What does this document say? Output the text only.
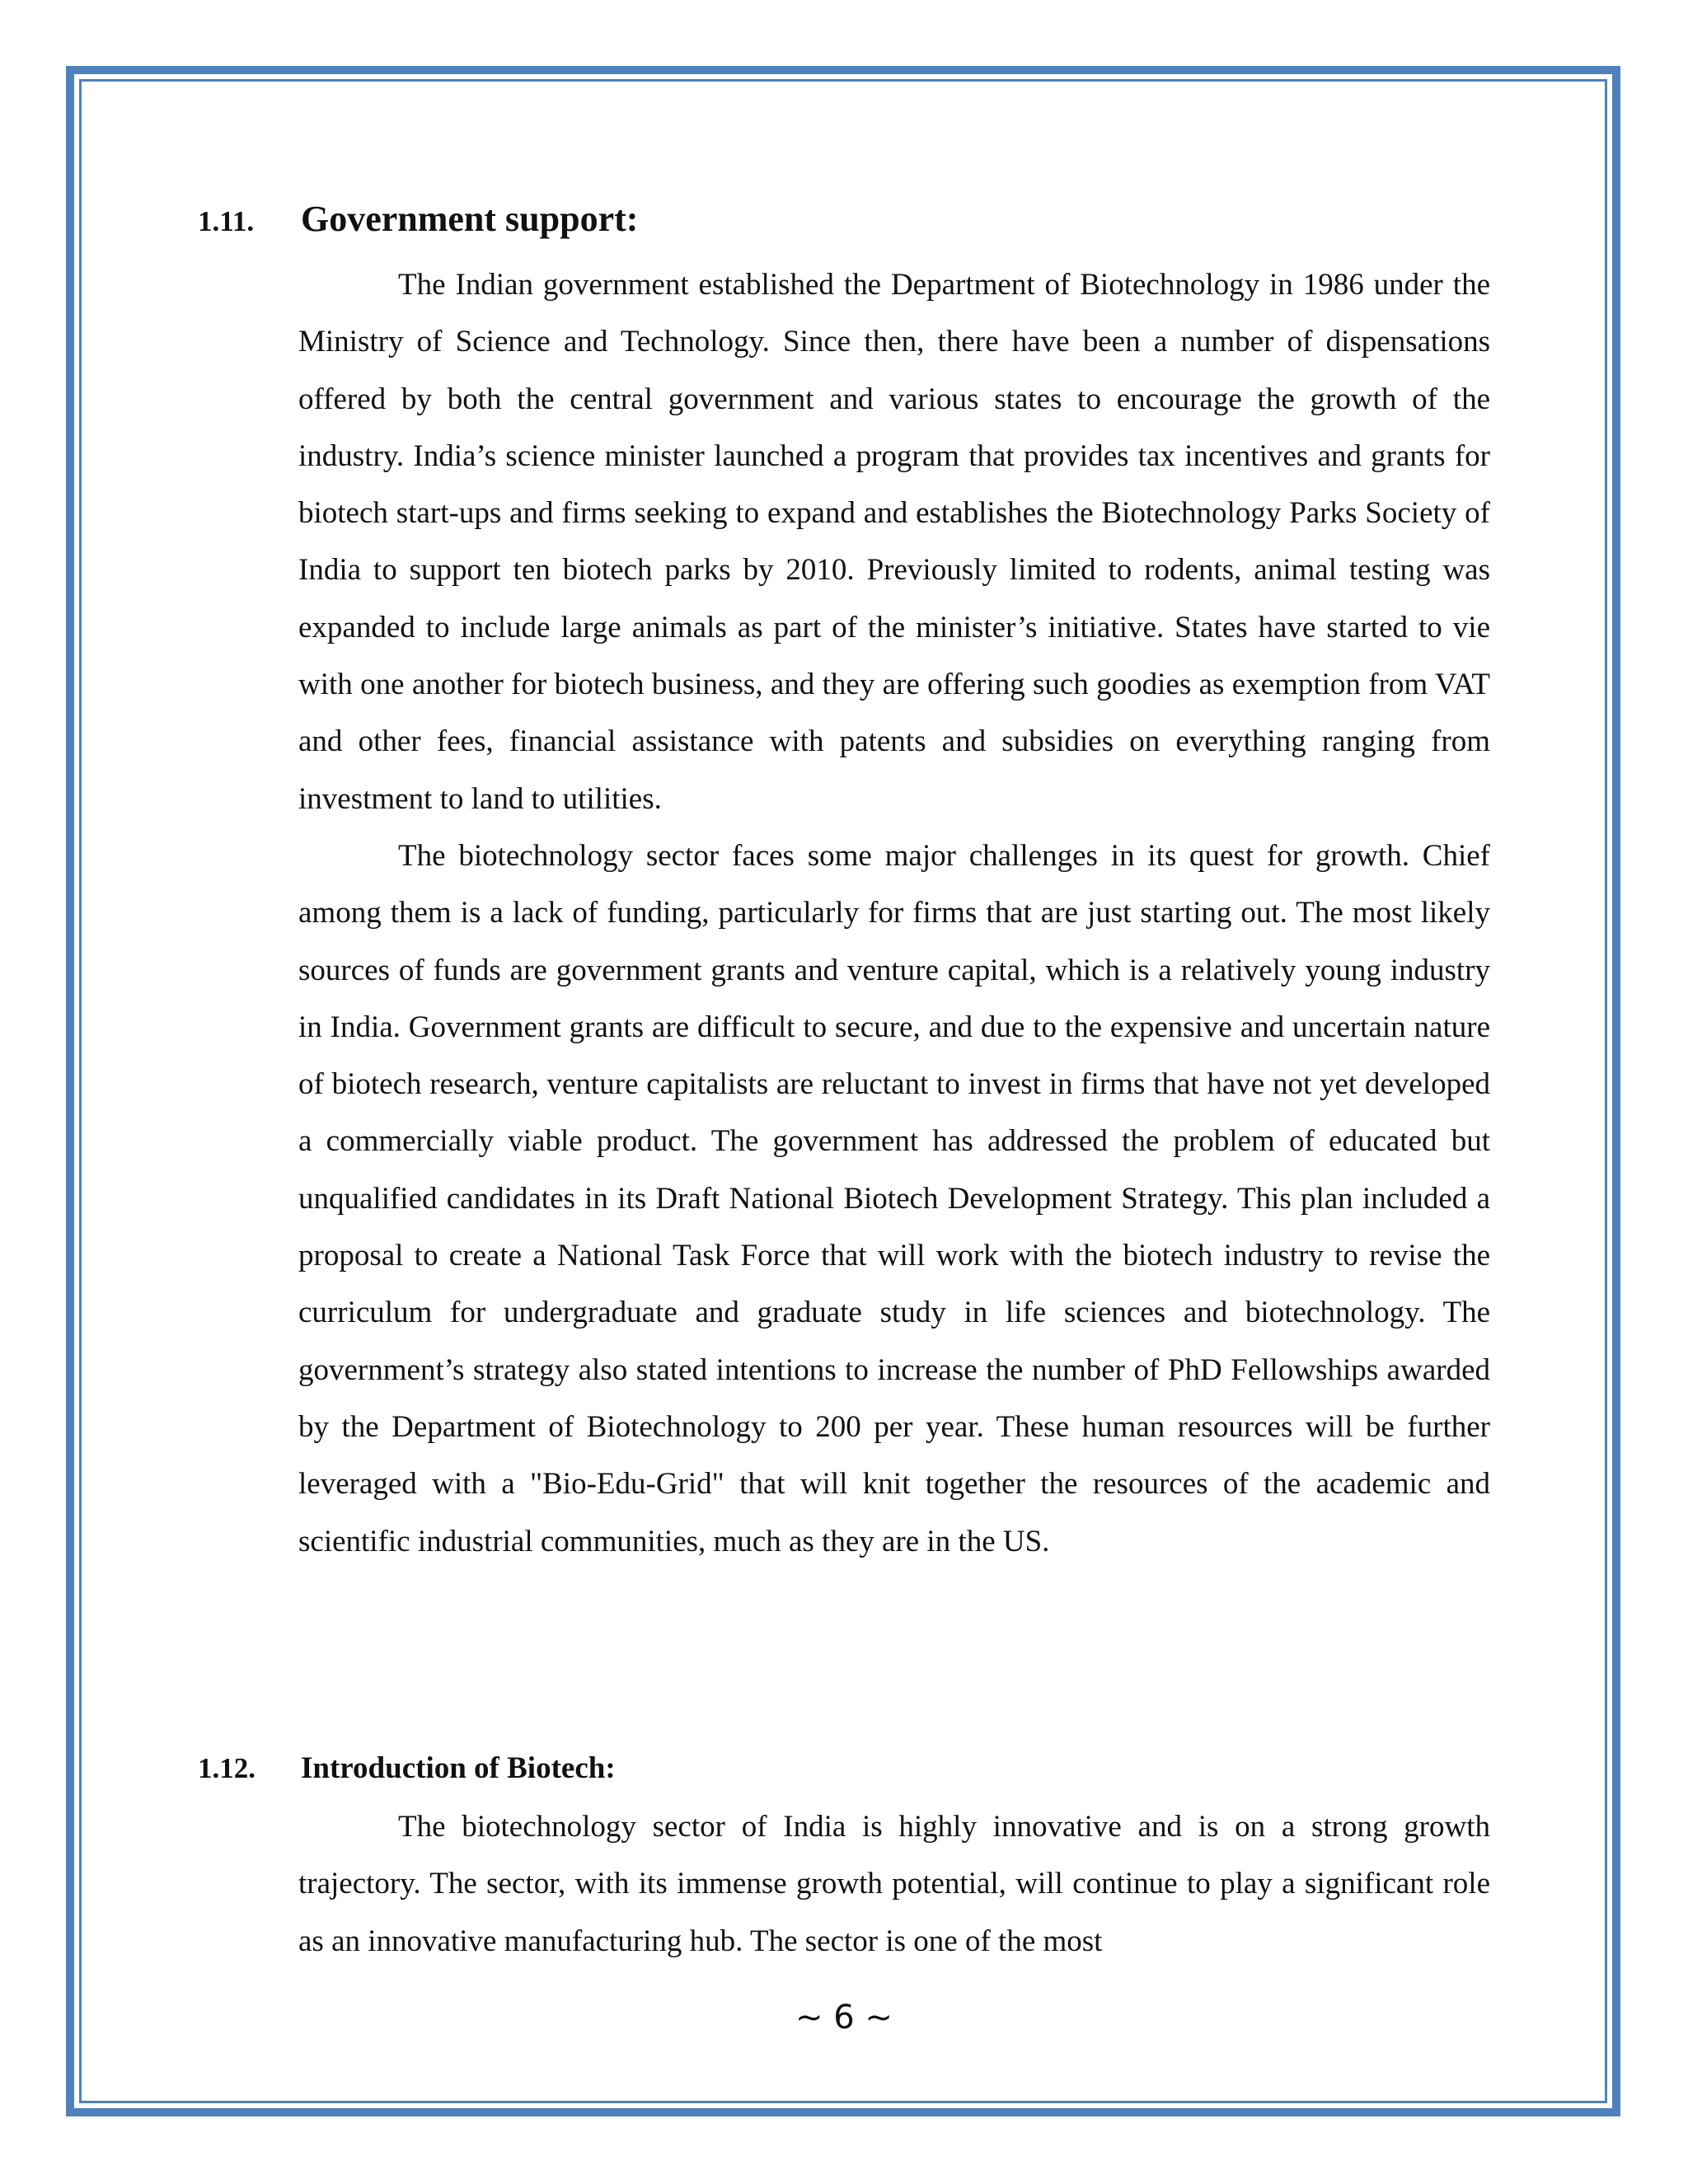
1.11. Government support:

The Indian government established the Department of Biotechnology in 1986 under the Ministry of Science and Technology. Since then, there have been a number of dispensations offered by both the central government and various states to encourage the growth of the industry. India’s science minister launched a program that provides tax incentives and grants for biotech start-ups and firms seeking to expand and establishes the Biotechnology Parks Society of India to support ten biotech parks by 2010. Previously limited to rodents, animal testing was expanded to include large animals as part of the minister’s initiative. States have started to vie with one another for biotech business, and they are offering such goodies as exemption from VAT and other fees, financial assistance with patents and subsidies on everything ranging from investment to land to utilities.

The biotechnology sector faces some major challenges in its quest for growth. Chief among them is a lack of funding, particularly for firms that are just starting out. The most likely sources of funds are government grants and venture capital, which is a relatively young industry in India. Government grants are difficult to secure, and due to the expensive and uncertain nature of biotech research, venture capitalists are reluctant to invest in firms that have not yet developed a commercially viable product. The government has addressed the problem of educated but unqualified candidates in its Draft National Biotech Development Strategy. This plan included a proposal to create a National Task Force that will work with the biotech industry to revise the curriculum for undergraduate and graduate study in life sciences and biotechnology. The government’s strategy also stated intentions to increase the number of PhD Fellowships awarded by the Department of Biotechnology to 200 per year. These human resources will be further leveraged with a "Bio-Edu-Grid" that will knit together the resources of the academic and scientific industrial communities, much as they are in the US.

1.12. Introduction of Biotech:

The biotechnology sector of India is highly innovative and is on a strong growth trajectory. The sector, with its immense growth potential, will continue to play a significant role as an innovative manufacturing hub. The sector is one of the most

~ 6 ~
